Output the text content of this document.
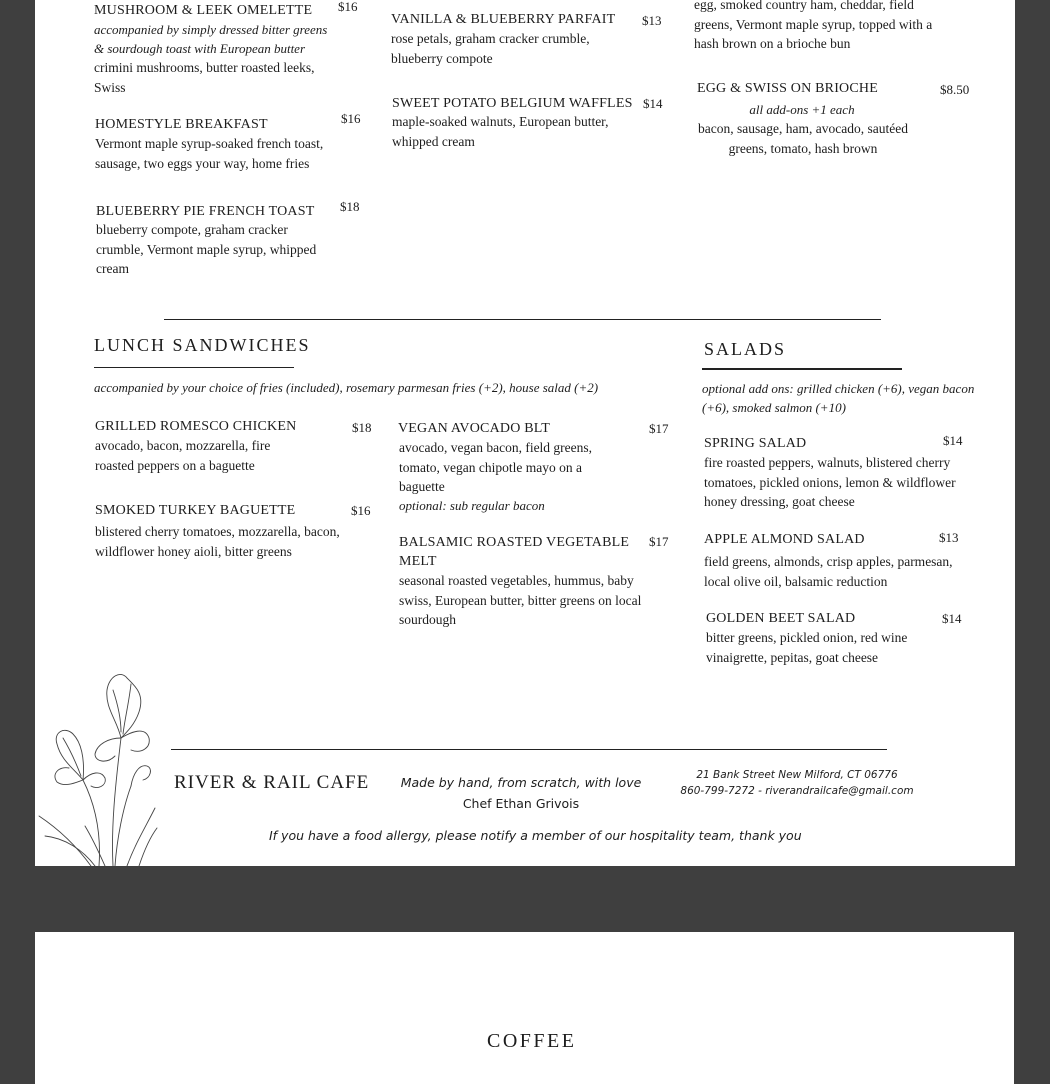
MUSHROOM & LEEK OMELETTE $16
accompanied by simply dressed bitter greens & sourdough toast with European butter
crimini mushrooms, butter roasted leeks, Swiss
HOMESTYLE BREAKFAST	$16
Vermont maple syrup-soaked french toast, sausage, two eggs your way, home fries
BLUEBERRY PIE FRENCH TOAST $18
blueberry compote, graham cracker crumble, Vermont maple syrup, whipped cream
VANILLA & BLUEBERRY PARFAIT $13
rose petals, graham cracker crumble, blueberry compote
SWEET POTATO BELGIUM WAFFLES $14
maple-soaked walnuts, European butter, whipped cream
egg, smoked country ham, cheddar, field greens, Vermont maple syrup, topped with a hash brown on a brioche bun
EGG & SWISS ON BRIOCHE	$8.50
all add-ons +1 each
bacon, sausage, ham, avocado, sautéed greens, tomato, hash brown
LUNCH SANDWICHES
accompanied by your choice of fries (included), rosemary parmesan fries (+2), house salad (+2)
GRILLED ROMESCO CHICKEN	$18
avocado, bacon, mozzarella, fire roasted peppers on a baguette
SMOKED TURKEY BAGUETTE	$16
blistered cherry tomatoes, mozzarella, bacon, wildflower honey aioli, bitter greens
VEGAN AVOCADO BLT	$17
avocado, vegan bacon, field greens, tomato, vegan chipotle mayo on a baguette
optional: sub regular bacon
BALSAMIC ROASTED VEGETABLE MELT
$17
seasonal roasted vegetables, hummus, baby swiss, European butter, bitter greens on local sourdough
SALADS
optional add ons: grilled chicken (+6), vegan bacon (+6), smoked salmon (+10)
SPRING SALAD	$14
fire roasted peppers, walnuts, blistered cherry tomatoes, pickled onions, lemon & wildflower honey dressing, goat cheese
APPLE ALMOND SALAD	$13
field greens, almonds, crisp apples, parmesan, local olive oil, balsamic reduction
GOLDEN BEET SALAD	$14
bitter greens, pickled onion, red wine vinaigrette, pepitas, goat cheese
RIVER & RAIL CAFE	Made by hand, from scratch, with love
Chef Ethan Grivois
21 Bank Street New Milford, CT 06776
860-799-7272 - riverandrailcafe@gmail.com
If you have a food allergy, please notify a member of our hospitality team, thank you
COFFEE
